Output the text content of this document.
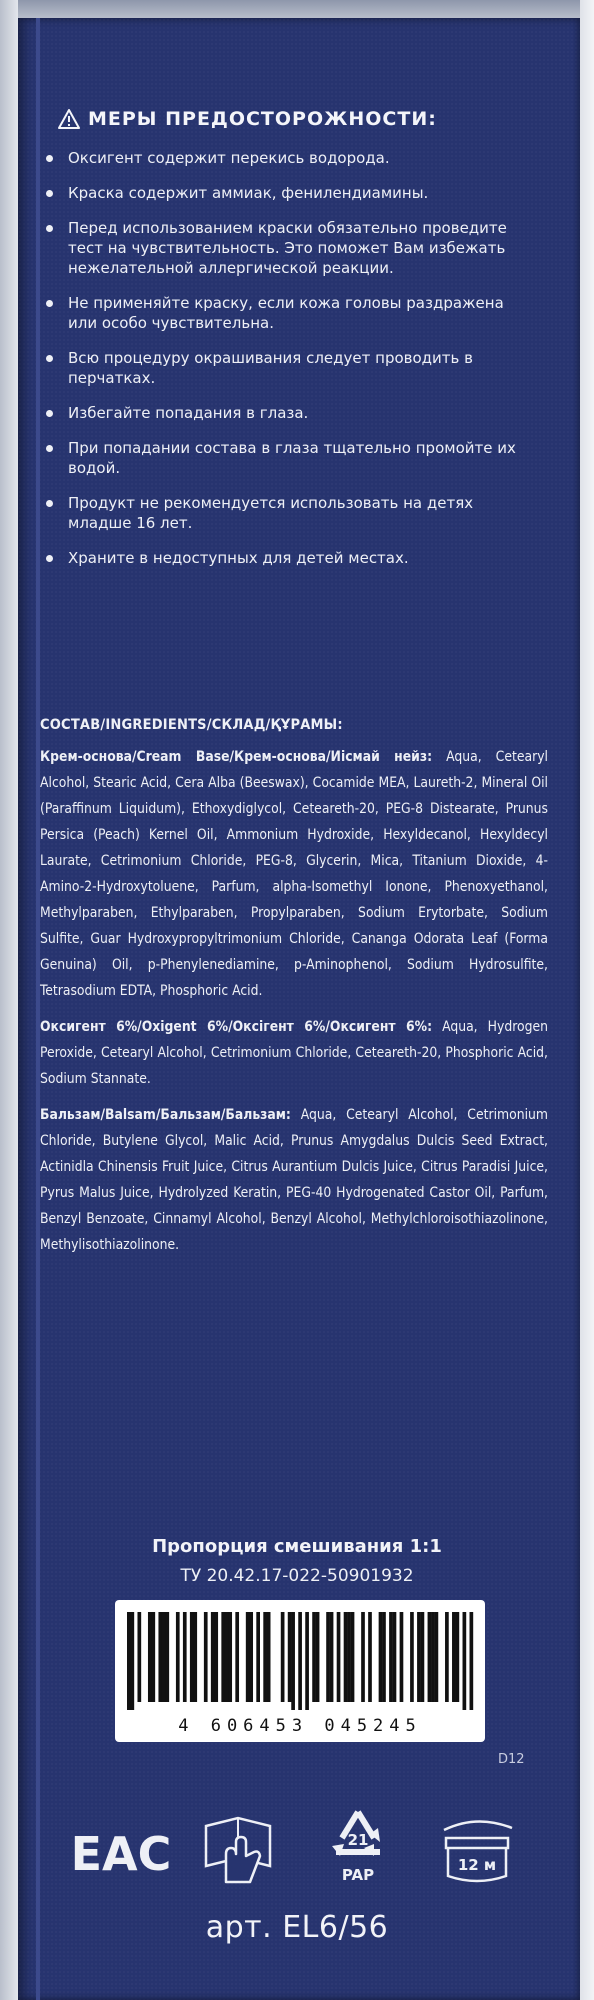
МЕРЫ ПРЕДОСТОРОЖНОСТИ:
Оксигент содержит перекись водорода.
Краска содержит аммиак, фенилендиамины.
Перед использованием краски обязательно проведите тест на чувствительность. Это поможет Вам избежать нежелательной аллергической реакции.
Не применяйте краску, если кожа головы раздражена или особо чувствительна.
Всю процедуру окрашивания следует проводить в перчатках.
Избегайте попадания в глаза.
При попадании состава в глаза тщательно промойте их водой.
Продукт не рекомендуется использовать на детях младше 16 лет.
Храните в недоступных для детей местах.
СОСТАВ/INGREDIENTS/СКЛАД/ҚҰРАМЫ:
Крем-основа/Cream Base/Крем-основа/Иісмай нейз: Aqua, Cetearyl Alcohol, Stearic Acid, Cera Alba (Beeswax), Cocamide MEA, Laureth-2, Mineral Oil (Paraffinum Liquidum), Ethoxydiglycol, Ceteareth-20, PEG-8 Distearate, Prunus Persica (Peach) Kernel Oil, Ammonium Hydroxide, Hexyldecanol, Hexyldecyl Laurate, Cetrimonium Chloride, PEG-8, Glycerin, Mica, Titanium Dioxide, 4-Amino-2-Hydroxytoluene, Parfum, alpha-Isomethyl Ionone, Phenoxyethanol, Methylparaben, Ethylparaben, Propylparaben, Sodium Erytorbate, Sodium Sulfite, Guar Hydroxypropyltrimonium Chloride, Cananga Odorata Leaf (Forma Genuina) Oil, p-Phenylenediamine, p-Aminophenol, Sodium Hydrosulfite, Tetrasodium EDTA, Phosphoric Acid.
Оксигент 6%/Oxigent 6%/Оксігент 6%/Оксигент 6%: Aqua, Hydrogen Peroxide, Cetearyl Alcohol, Cetrimonium Chloride, Ceteareth-20, Phosphoric Acid, Sodium Stannate.
Бальзам/Balsam/Бальзам/Бальзам: Aqua, Cetearyl Alcohol, Cetrimonium Chloride, Butylene Glycol, Malic Acid, Prunus Amygdalus Dulcis Seed Extract, Actinidla Chinensis Fruit Juice, Citrus Aurantium Dulcis Juice, Citrus Paradisi Juice, Pyrus Malus Juice, Hydrolyzed Keratin, PEG-40 Hydrogenated Castor Oil, Parfum, Benzyl Benzoate, Cinnamyl Alcohol, Benzyl Alcohol, Methylchloroisothiazolinone, Methylisothiazolinone.
Пропорция смешивания 1:1
ТУ 20.42.17-022-50901932
4 606453 045245
D12
ЕАС	21
PAP
12 м
арт. EL6/56
